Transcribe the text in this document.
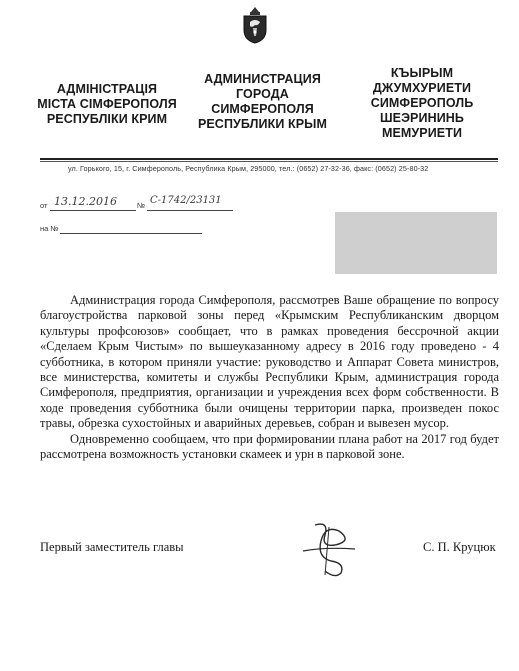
АДМІНІСТРАЦІЯ
МІСТА СІМФЕРОПОЛЯ
РЕСПУБЛІКИ КРИМ
АДМИНИСТРАЦИЯ
ГОРОДА
СИМФЕРОПОЛЯ
РЕСПУБЛИКИ КРЫМ
КЪЫРЫМ
ДЖУМХУРИЕТИ
СИМФЕРОПОЛЬ
ШЕЭРИНИНЬ
МЕМУРИЕТИ
ул. Горького, 15, г. Симферополь, Республика Крым, 295000, тел.: (0652) 27-32-36, факс: (0652) 25-80-32
от 13.12.2016	№ С-1742/23131
на №

Администрация города Симферополя, рассмотрев Ваше обращение по вопросу благоустройства парковой зоны перед «Крымским Республиканским дворцом культуры профсоюзов» сообщает, что в рамках проведения бессрочной акции «Сделаем Крым Чистым» по вышеуказанному адресу в 2016 году проведено - 4 субботника, в котором приняли участие: руководство и Аппарат Совета министров, все министерства, комитеты и службы Республики Крым, администрация города Симферополя, предприятия, организации и учреждения всех форм собственности. В ходе проведения субботника были очищены территории парка, произведен покос травы, обрезка сухостойных и аварийных деревьев, собран и вывезен мусор.

Одновременно сообщаем, что при формировании плана работ на 2017 год будет рассмотрена возможность установки скамеек и урн в парковой зоне.

Первый заместитель главы	С. П. Круцюк
